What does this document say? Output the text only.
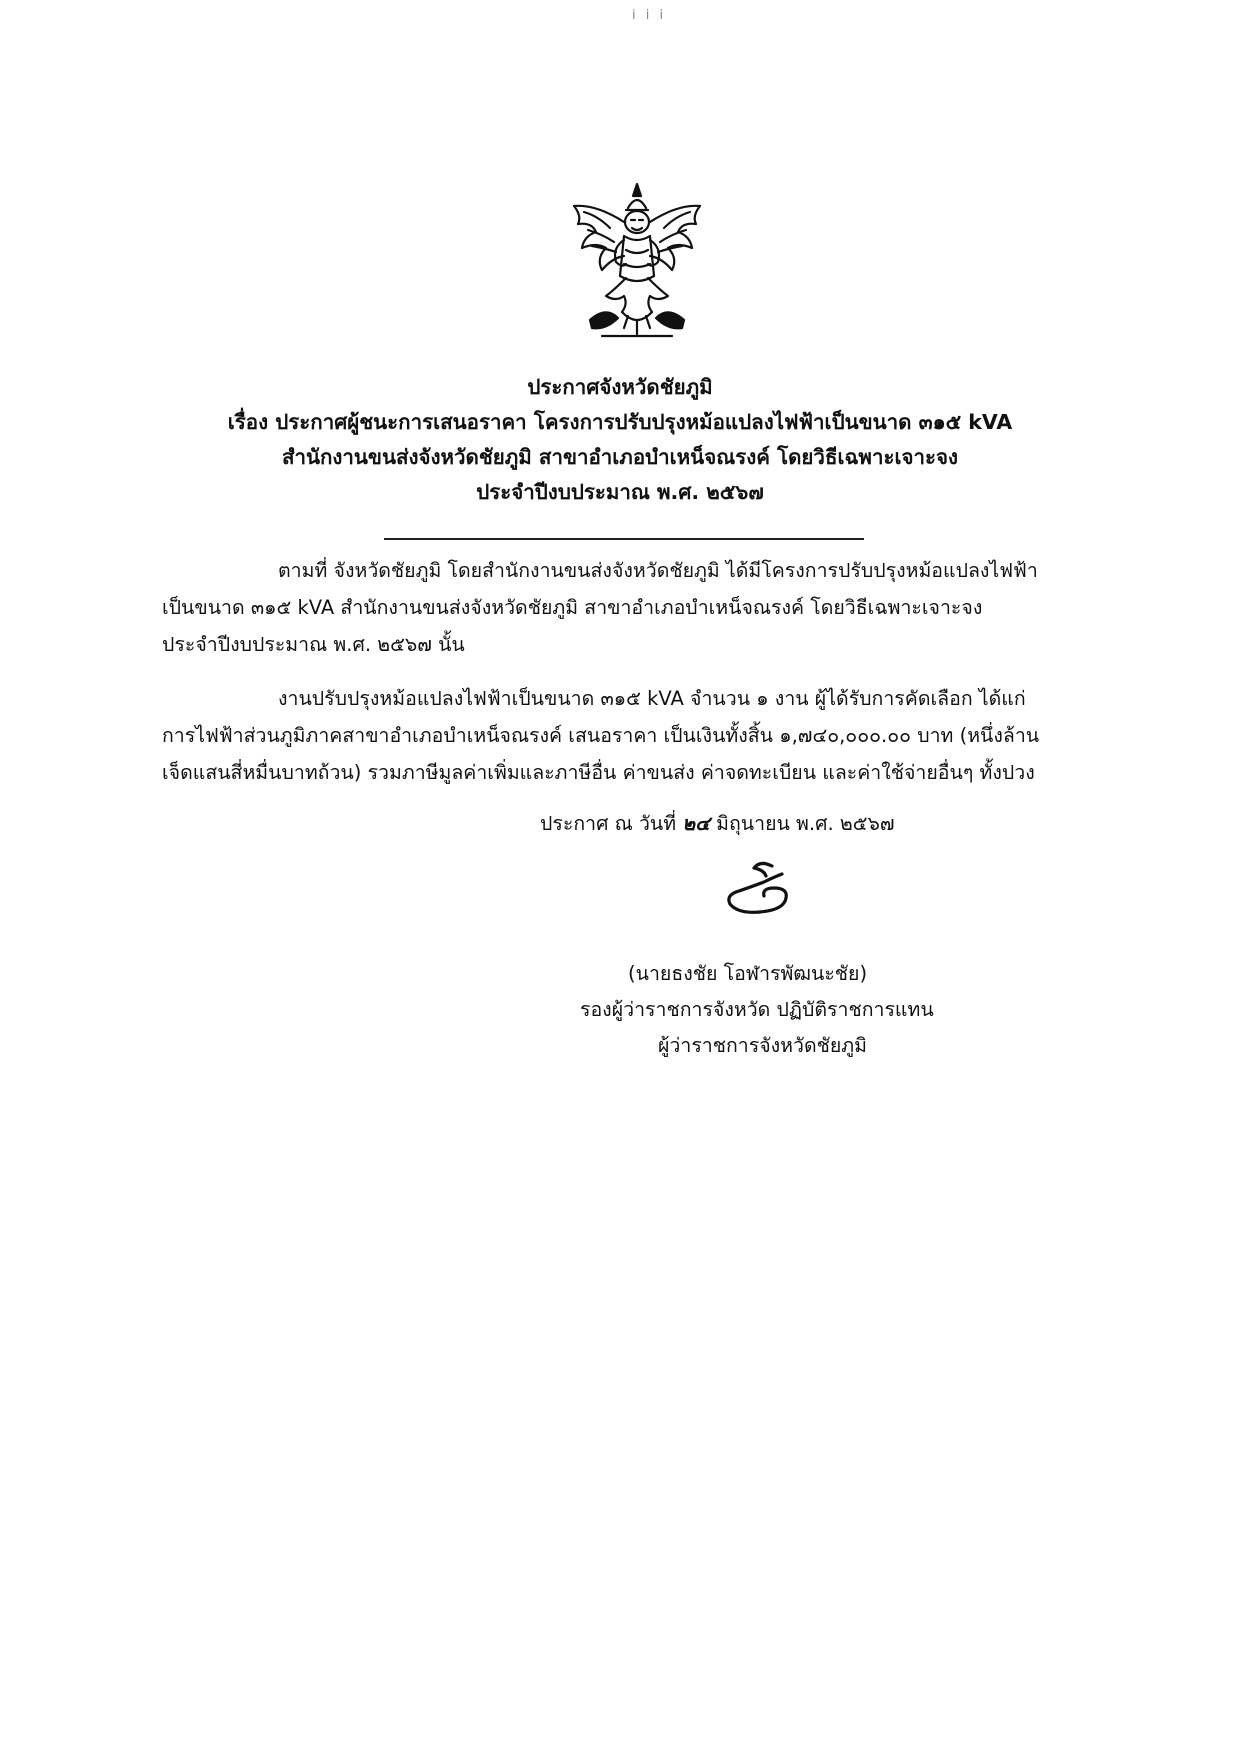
ⅰ ⅰ ⅰ
ประกาศจังหวัดชัยภูมิ
เรื่อง ประกาศผู้ชนะการเสนอราคา โครงการปรับปรุงหม้อแปลงไฟฟ้าเป็นขนาด ๓๑๕ kVA
สำนักงานขนส่งจังหวัดชัยภูมิ สาขาอำเภอบำเหน็จณรงค์ โดยวิธีเฉพาะเจาะจง
ประจำปีงบประมาณ พ.ศ. ๒๕๖๗

ตามที่ จังหวัดชัยภูมิ โดยสำนักงานขนส่งจังหวัดชัยภูมิ ได้มีโครงการปรับปรุงหม้อแปลงไฟฟ้า

เป็นขนาด ๓๑๕ kVA สำนักงานขนส่งจังหวัดชัยภูมิ สาขาอำเภอบำเหน็จณรงค์ โดยวิธีเฉพาะเจาะจง

ประจำปีงบประมาณ พ.ศ. ๒๕๖๗ นั้น

งานปรับปรุงหม้อแปลงไฟฟ้าเป็นขนาด ๓๑๕ kVA จำนวน ๑ งาน ผู้ได้รับการคัดเลือก ได้แก่

การไฟฟ้าส่วนภูมิภาคสาขาอำเภอบำเหน็จณรงค์ เสนอราคา เป็นเงินทั้งสิ้น ๑,๗๔๐,๐๐๐.๐๐ บาท (หนึ่งล้าน

เจ็ดแสนสี่หมื่นบาทถ้วน) รวมภาษีมูลค่าเพิ่มและภาษีอื่น ค่าขนส่ง ค่าจดทะเบียน และค่าใช้จ่ายอื่นๆ ทั้งปวง

ประกาศ ณ วันที่ ๒๔ มิถุนายน พ.ศ. ๒๕๖๗
(นายธงชัย โอฬารพัฒนะชัย)
รองผู้ว่าราชการจังหวัด ปฏิบัติราชการแทน
ผู้ว่าราชการจังหวัดชัยภูมิ
